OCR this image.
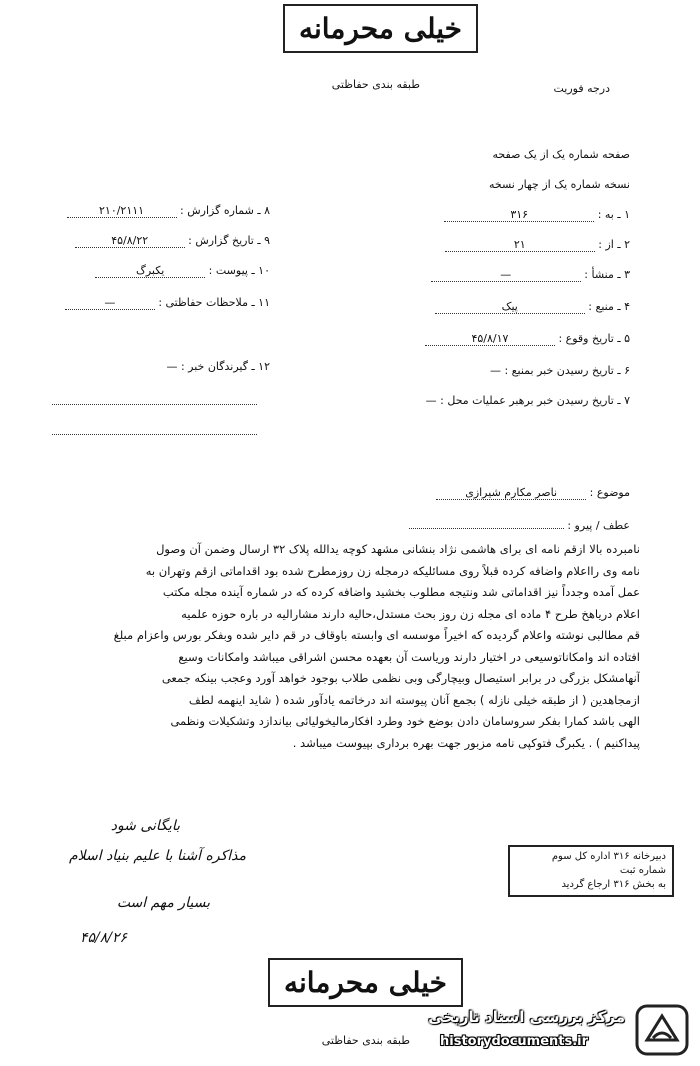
خیلی محرمانه
طبقه بندی حفاظتی	درجه فوریت
صفحه شماره یک از یک صفحه
نسخه شماره یک از چهار نسخه
۸ ـ شماره گزارش : ۲۱۰/۲۱۱۱
۹ ـ تاریخ گزارش : ۴۵/۸/۲۲
۱۰ ـ پیوست : یکبرگ
۱۱ ـ ملاحظات حفاظتی : —
۱۲ ـ گیرندگان خبر : —
۱ ـ به : ۳۱۶
۲ ـ از : ۲۱
۳ ـ منشأ : —
۴ ـ منبع : پیک
۵ ـ تاریخ وقوع : ۴۵/۸/۱۷
۶ ـ تاریخ رسیدن خبر بمنبع : —
۷ ـ تاریخ رسیدن خبر برهبر عملیات محل : —
موضوع : ناصر مکارم شیرازی
عطف / پیرو :
نامبرده بالا ازقم نامه ای برای هاشمی نژاد بنشانی مشهد کوچه یدالله پلاک ۳۲ ارسال وضمن آن وصول
نامه وی رااعلام واضافه کرده قبلاً روی مسائلیکه درمجله زن روزمطرح شده بود اقداماتی ازقم وتهران به
عمل آمده وجدداً نیز اقداماتی شد ونتیجه مطلوب بخشید واضافه کرده که در شماره آینده مجله مکتب
اعلام دریاهخ طرح ۴ ماده ای مجله زن روز بحث مستدل،حالیه دارند مشارالیه در باره حوزه علمیه
قم مطالبی نوشته واعلام گردیده که اخیراً موسسه ای وابسته باوقاف در قم دایر شده وبفکر بورس واعزام مبلغ
افتاده اند وامکاناتوسیعی در اختیار دارند وریاست آن بعهده محسن اشراقی میباشد وامکانات وسیع
آنهامشکل بزرگی در برابر استیصال وبیچارگی وبی نظمی طلاب بوجود خواهد آورد وعجب بینکه جمعی
ازمجاهدین ( از طبقه خیلی نازله ) بجمع آنان پیوسته اند درخاتمه یادآور شده ( شاید اینهمه لطف
الهی باشد کمارا بفکر سروسامان دادن بوضع خود وطرد افکارمالیخولیائی بیاندازد وتشکیلات ونظمی
پیداکنیم ) . یکبرگ فتوکپی نامه مزبور جهت بهره برداری بپیوست میباشد .
بایگانی شود
مذاکره آشنا با علیم بنیاد اسلام
بسیار مهم است
۴۵/۸/۲۶
دبیرخانه ۳۱۶ اداره کل سوم
شماره ثبت
به بخش ۳۱۶ ارجاع گردید
خیلی محرمانه
طبقه بندی حفاظتی
مرکز بررسی اسناد تاریخی
historydocuments.ir
